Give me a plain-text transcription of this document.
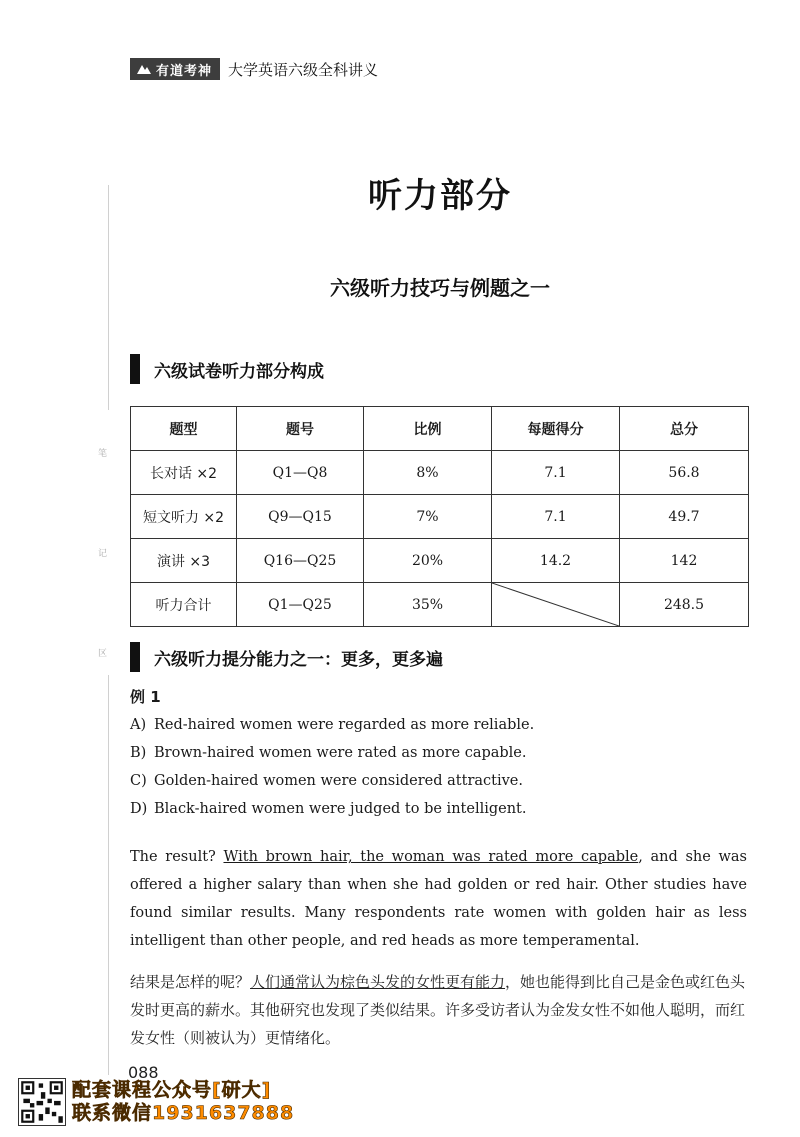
有道考神 大学英语六级全科讲义
笔
记
区
听力部分
六级听力技巧与例题之一
六级试卷听力部分构成
题型	题号	比例	每题得分	总分
长对话 ×2	Q1—Q8	8%	7.1	56.8
短文听力 ×2	Q9—Q15	7%	7.1	49.7
演讲 ×3	Q16—Q25	20%	14.2	142
听力合计	Q1—Q25	35%		248.5
六级听力提分能力之一：更多，更多遍
例 1
A) Red-haired women were regarded as more reliable.
B) Brown-haired women were rated as more capable.
C) Golden-haired women were considered attractive.
D) Black-haired women were judged to be intelligent.

The result? With brown hair, the woman was rated more capable, and she was offered a higher salary than when she had golden or red hair. Other studies have found similar results. Many respondents rate women with golden hair as less intelligent than other people, and red heads as more temperamental.

结果是怎样的呢？人们通常认为棕色头发的女性更有能力，她也能得到比自己是金色或红色头发时更高的薪水。其他研究也发现了类似结果。许多受访者认为金发女性不如他人聪明，而红发女性（则被认为）更情绪化。

088
配套课程公众号[研大]
联系微信1931637888
